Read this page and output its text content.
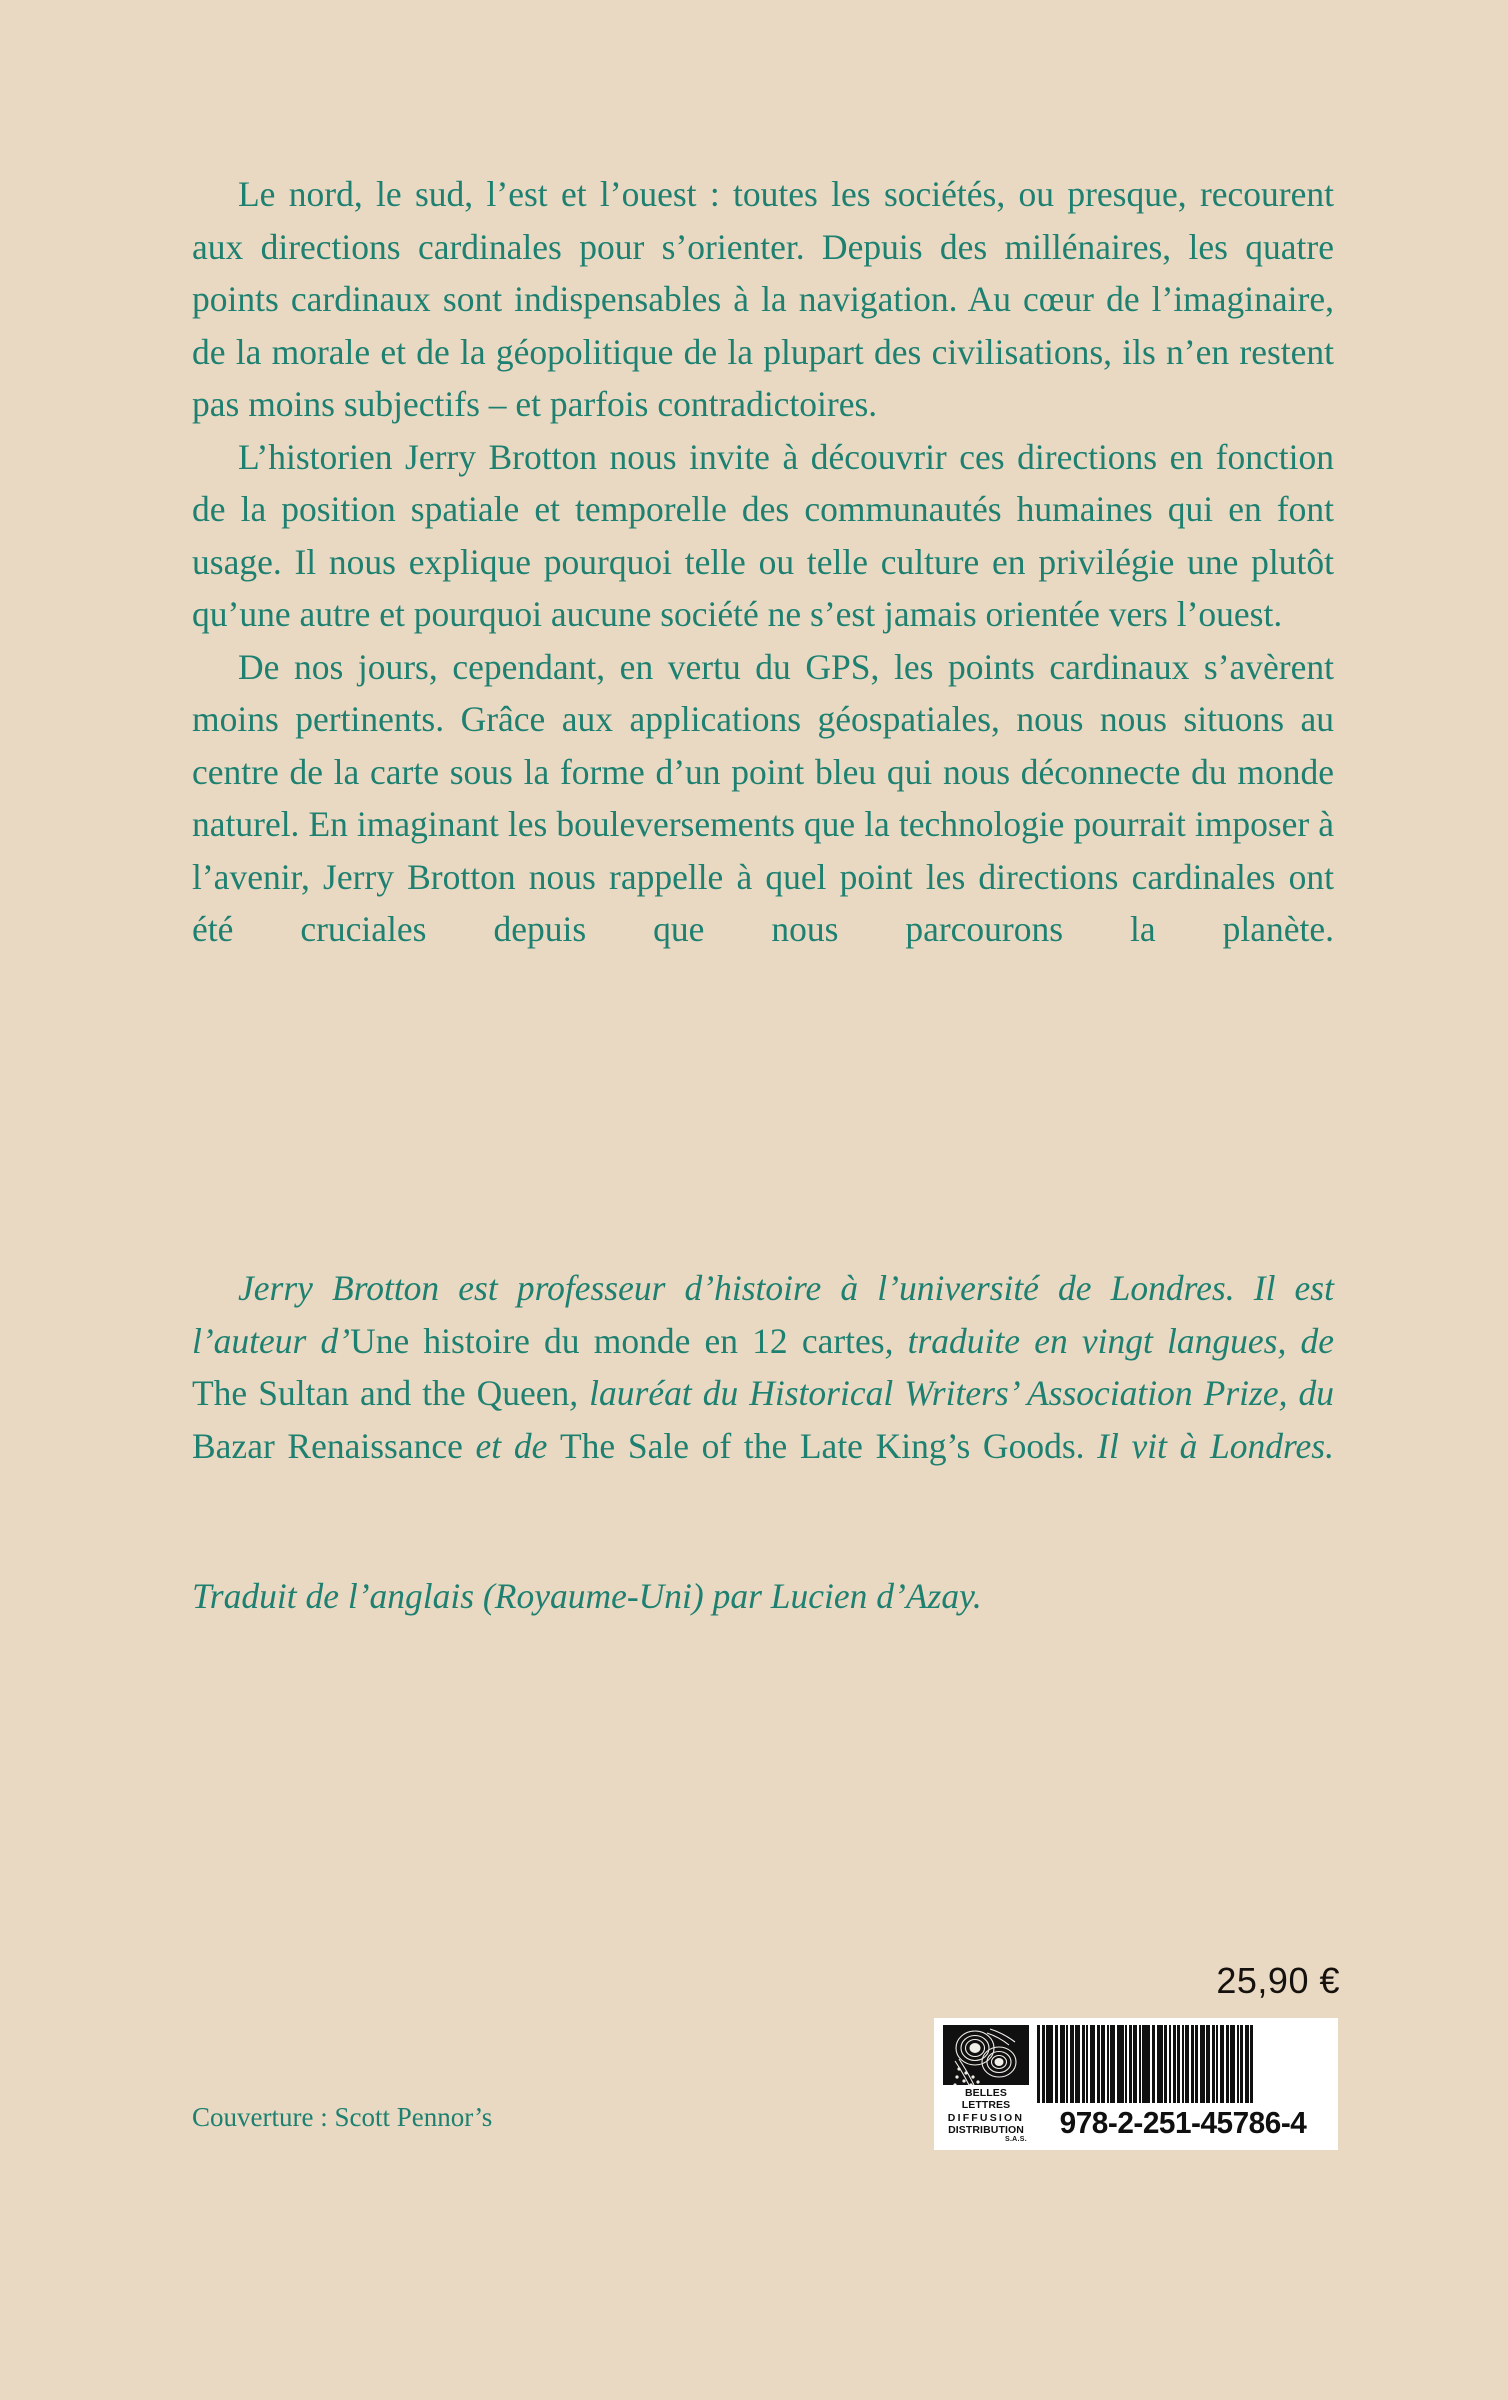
Le nord, le sud, l’est et l’ouest : toutes les sociétés, ou presque, recourent aux directions cardinales pour s’orienter. Depuis des millénaires, les quatre points cardinaux sont indispensables à la navigation. Au cœur de l’imaginaire, de la morale et de la géopolitique de la plupart des civilisations, ils n’en restent pas moins subjectifs – et parfois contradictoires.

L’historien Jerry Brotton nous invite à découvrir ces directions en fonction de la position spatiale et temporelle des communautés humaines qui en font usage. Il nous explique pourquoi telle ou telle culture en privilégie une plutôt qu’une autre et pourquoi aucune société ne s’est jamais orientée vers l’ouest.

De nos jours, cependant, en vertu du GPS, les points cardinaux s’avèrent moins pertinents. Grâce aux applications géospatiales, nous nous situons au centre de la carte sous la forme d’un point bleu qui nous déconnecte du monde naturel. En imaginant les bouleversements que la technologie pourrait imposer à l’avenir, Jerry Brotton nous rappelle à quel point les directions cardinales ont été cruciales depuis que nous parcourons la planète.

Jerry Brotton est professeur d’histoire à l’université de Londres. Il est l’auteur d’Une histoire du monde en 12 cartes, traduite en vingt langues, de The Sultan and the Queen, lauréat du Historical Writers’ Association Prize, du Bazar Renaissance et de The Sale of the Late King’s Goods. Il vit à Londres.

Traduit de l’anglais (Royaume-Uni) par Lucien d’Azay.
Couverture : Scott Pennor’s
25,90 €
BELLES LETTRES
DIFFUSION
DISTRIBUTION
S.A.S.	978-2-251-45786-4
